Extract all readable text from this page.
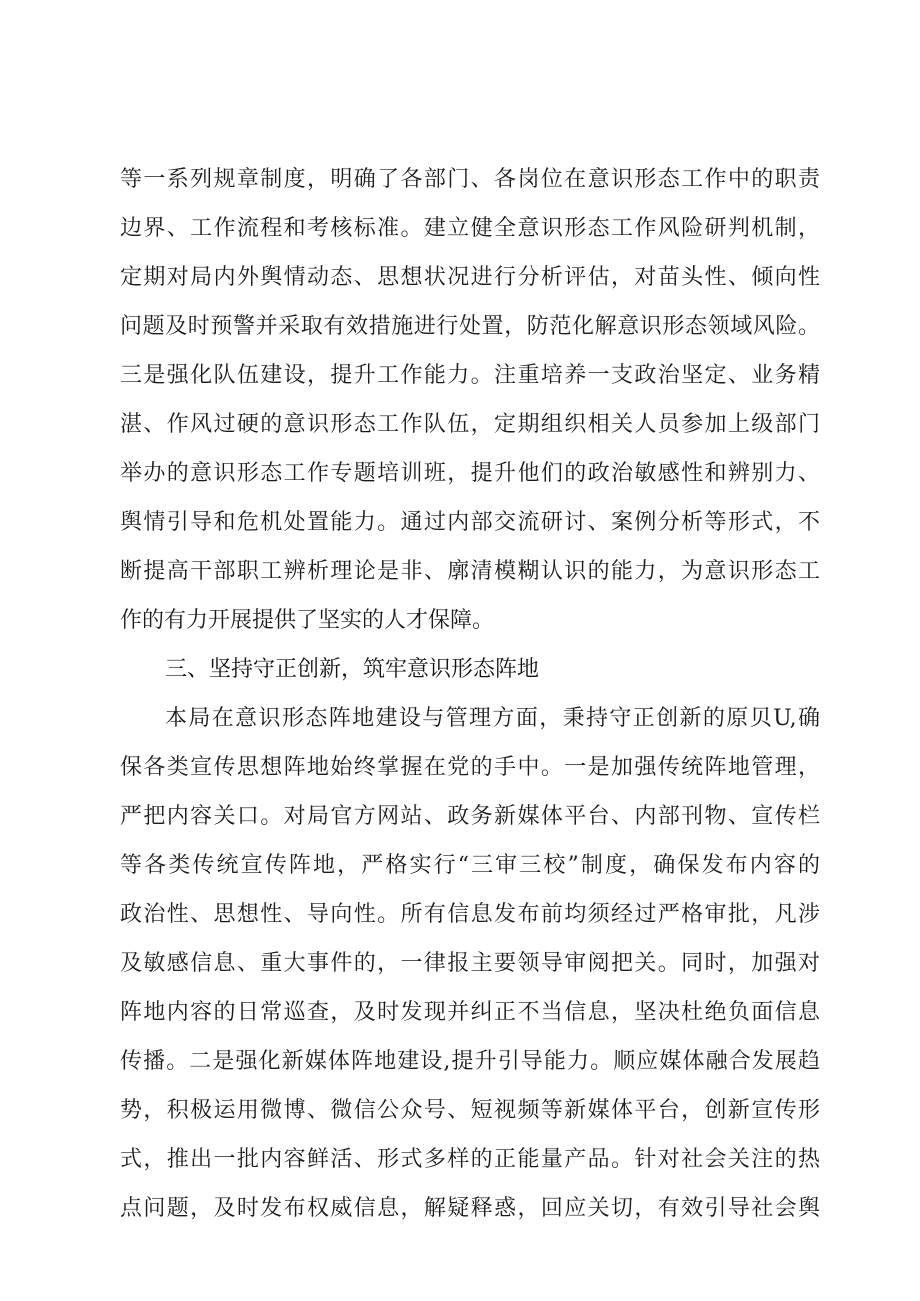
等一系列规章制度，明确了各部门、各岗位在意识形态工作中的职责
边界、工作流程和考核标准。建立健全意识形态工作风险研判机制，
定期对局内外舆情动态、思想状况进行分析评估，对苗头性、倾向性
问题及时预警并采取有效措施进行处置，防范化解意识形态领域风险。
三是强化队伍建设，提升工作能力。注重培养一支政治坚定、业务精
湛、作风过硬的意识形态工作队伍，定期组织相关人员参加上级部门
举办的意识形态工作专题培训班，提升他们的政治敏感性和辨别力、
舆情引导和危机处置能力。通过内部交流研讨、案例分析等形式，不
断提高干部职工辨析理论是非、廓清模糊认识的能力，为意识形态工
作的有力开展提供了坚实的人才保障。
三、坚持守正创新，筑牢意识形态阵地
本局在意识形态阵地建设与管理方面，秉持守正创新的原贝U,确
保各类宣传思想阵地始终掌握在党的手中。一是加强传统阵地管理，
严把内容关口。对局官方网站、政务新媒体平台、内部刊物、宣传栏
等各类传统宣传阵地，严格实行“三审三校”制度，确保发布内容的
政治性、思想性、导向性。所有信息发布前均须经过严格审批，凡涉
及敏感信息、重大事件的，一律报主要领导审阅把关。同时，加强对
阵地内容的日常巡查，及时发现并纠正不当信息，坚决杜绝负面信息
传播。二是强化新媒体阵地建设,提升引导能力。顺应媒体融合发展趋
势，积极运用微博、微信公众号、短视频等新媒体平台，创新宣传形
式，推出一批内容鲜活、形式多样的正能量产品。针对社会关注的热
点问题，及时发布权威信息，解疑释惑，回应关切，有效引导社会舆
